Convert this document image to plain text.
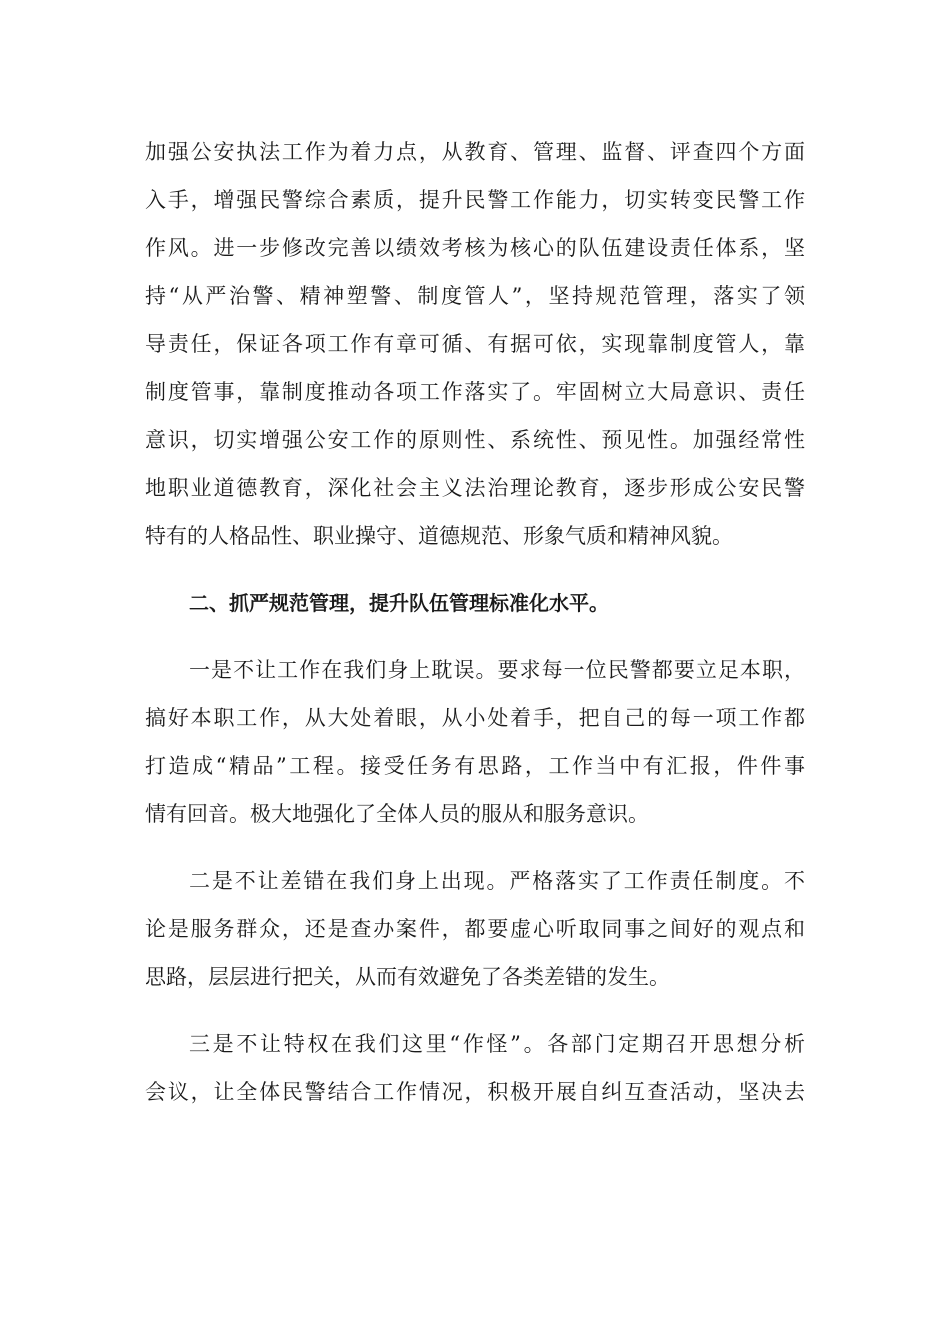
加强公安执法工作为着力点，从教育、管理、监督、评查四个方面
入手，增强民警综合素质，提升民警工作能力，切实转变民警工作
作风。进一步修改完善以绩效考核为核心的队伍建设责任体系，坚
持“从严治警、精神塑警、制度管人”，坚持规范管理，落实了领
导责任，保证各项工作有章可循、有据可依，实现靠制度管人，靠
制度管事，靠制度推动各项工作落实了。牢固树立大局意识、责任
意识，切实增强公安工作的原则性、系统性、预见性。加强经常性
地职业道德教育，深化社会主义法治理论教育，逐步形成公安民警
特有的人格品性、职业操守、道德规范、形象气质和精神风貌。
二、抓严规范管理，提升队伍管理标准化水平。
一是不让工作在我们身上耽误。要求每一位民警都要立足本职，
搞好本职工作，从大处着眼，从小处着手，把自己的每一项工作都
打造成“精品”工程。接受任务有思路，工作当中有汇报，件件事
情有回音。极大地强化了全体人员的服从和服务意识。
二是不让差错在我们身上出现。严格落实了工作责任制度。不
论是服务群众，还是查办案件，都要虚心听取同事之间好的观点和
思路，层层进行把关，从而有效避免了各类差错的发生。
三是不让特权在我们这里“作怪”。各部门定期召开思想分析
会议，让全体民警结合工作情况，积极开展自纠互查活动，坚决去
